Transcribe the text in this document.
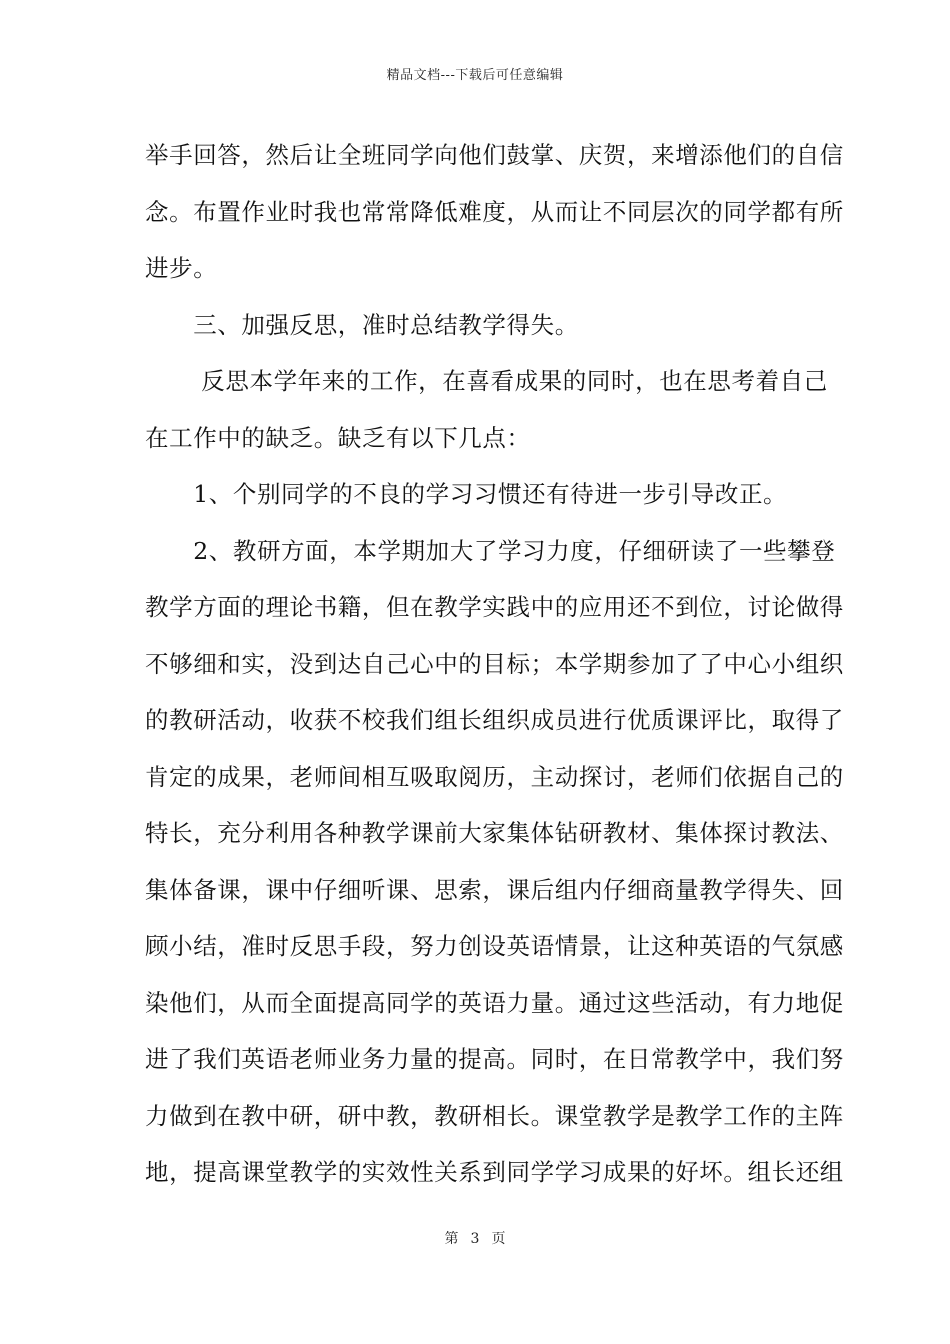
精品文档---下载后可任意编辑
举手回答，然后让全班同学向他们鼓掌、庆贺，来增添他们的自信
念。布置作业时我也常常降低难度，从而让不同层次的同学都有所
进步。
　　三、加强反思，准时总结教学得失。
　　 反思本学年来的工作，在喜看成果的同时，也在思考着自己
在工作中的缺乏。缺乏有以下几点：
　　1、个别同学的不良的学习习惯还有待进一步引导改正。
　　2、教研方面，本学期加大了学习力度，仔细研读了一些攀登
教学方面的理论书籍，但在教学实践中的应用还不到位，讨论做得
不够细和实，没到达自己心中的目标；本学期参加了了中心小组织
的教研活动，收获不校我们组长组织成员进行优质课评比，取得了
肯定的成果，老师间相互吸取阅历，主动探讨，老师们依据自己的
特长，充分利用各种教学课前大家集体钻研教材、集体探讨教法、
集体备课，课中仔细听课、思索，课后组内仔细商量教学得失、回
顾小结，准时反思手段，努力创设英语情景，让这种英语的气氛感
染他们，从而全面提高同学的英语力量。通过这些活动，有力地促
进了我们英语老师业务力量的提高。同时，在日常教学中，我们努
力做到在教中研，研中教，教研相长。课堂教学是教学工作的主阵
地，提高课堂教学的实效性关系到同学学习成果的好坏。组长还组
第 3 页
